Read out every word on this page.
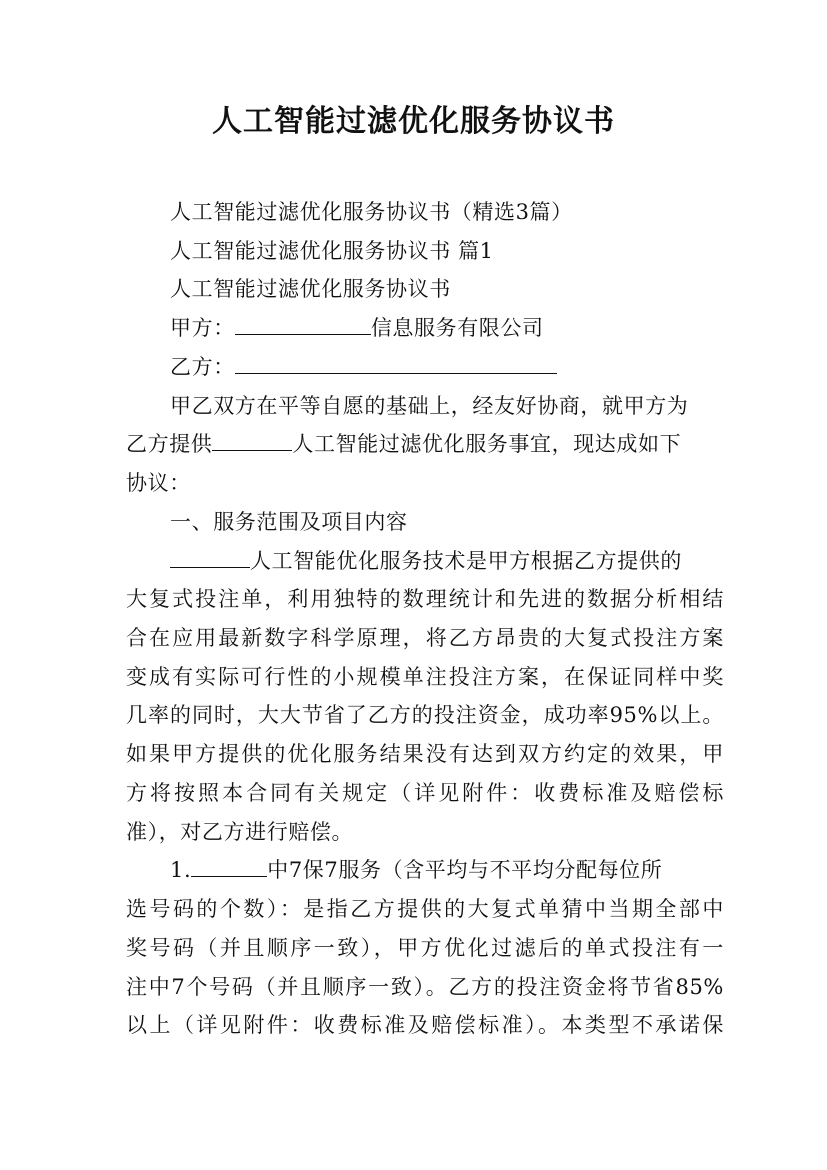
人工智能过滤优化服务协议书
人工智能过滤优化服务协议书（精选3篇）
人工智能过滤优化服务协议书 篇1
人工智能过滤优化服务协议书
甲方：	信息服务有限公司
乙方：
甲乙双方在平等自愿的基础上，经友好协商，就甲方为
乙方提供	人工智能过滤优化服务事宜，现达成如下
协议：
一、服务范围及项目内容
人工智能优化服务技术是甲方根据乙方提供的
大复式投注单，利用独特的数理统计和先进的数据分析相结
合在应用最新数字科学原理，将乙方昂贵的大复式投注方案
变成有实际可行性的小规模单注投注方案，在保证同样中奖
几率的同时，大大节省了乙方的投注资金，成功率95%以上。
如果甲方提供的优化服务结果没有达到双方约定的效果，甲
方将按照本合同有关规定（详见附件：收费标准及赔偿标
准），对乙方进行赔偿。
1.	中7保7服务（含平均与不平均分配每位所
选号码的个数）：是指乙方提供的大复式单猜中当期全部中
奖号码（并且顺序一致），甲方优化过滤后的单式投注有一
注中7个号码（并且顺序一致）。乙方的投注资金将节省85%
以上（详见附件：收费标准及赔偿标准）。本类型不承诺保
